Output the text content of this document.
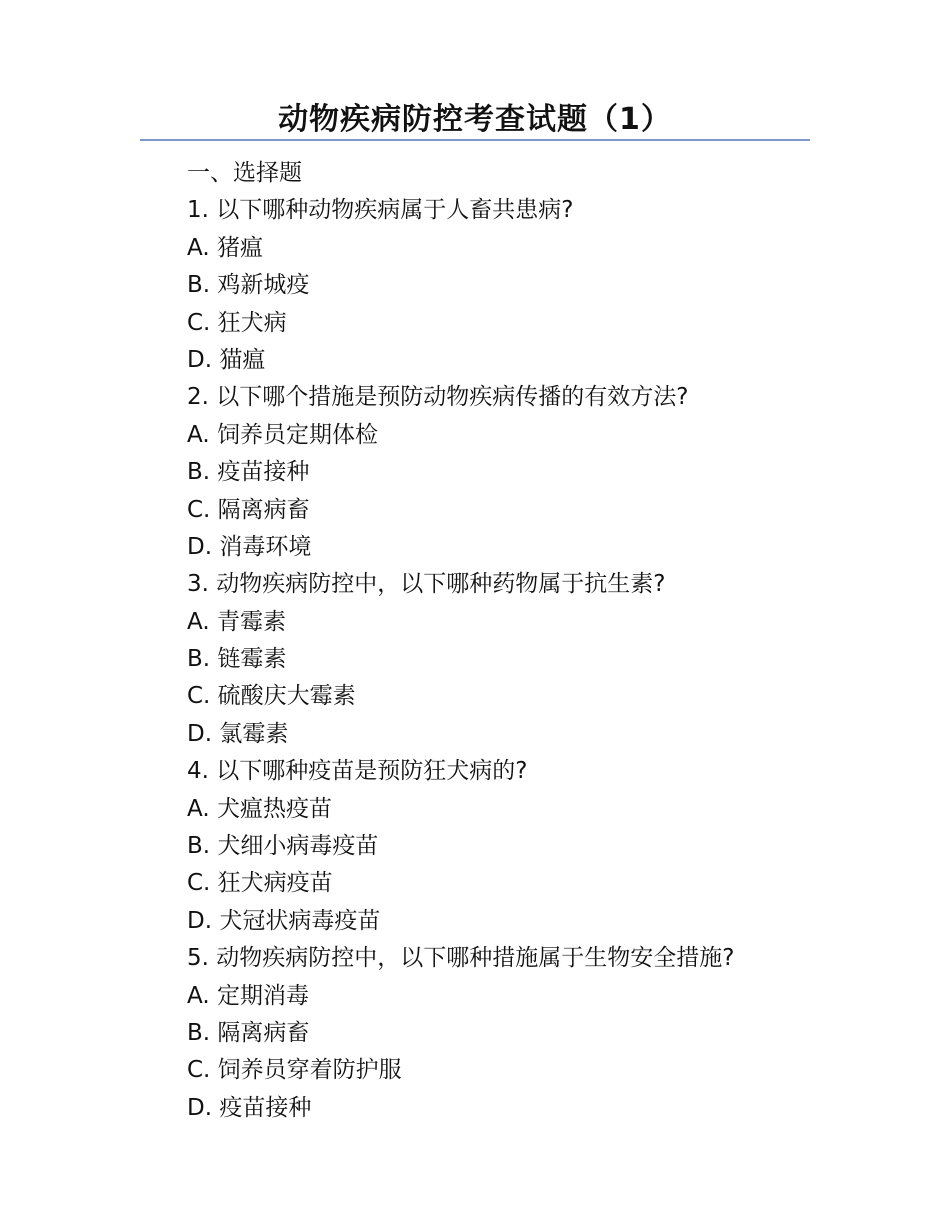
动物疾病防控考查试题（1）
一、选择题
1. 以下哪种动物疾病属于人畜共患病?
A. 猪瘟
B. 鸡新城疫
C. 狂犬病
D. 猫瘟
2. 以下哪个措施是预防动物疾病传播的有效方法?
A. 饲养员定期体检
B. 疫苗接种
C. 隔离病畜
D. 消毒环境
3. 动物疾病防控中，以下哪种药物属于抗生素?
A. 青霉素
B. 链霉素
C. 硫酸庆大霉素
D. 氯霉素
4. 以下哪种疫苗是预防狂犬病的?
A. 犬瘟热疫苗
B. 犬细小病毒疫苗
C. 狂犬病疫苗
D. 犬冠状病毒疫苗
5. 动物疾病防控中，以下哪种措施属于生物安全措施?
A. 定期消毒
B. 隔离病畜
C. 饲养员穿着防护服
D. 疫苗接种
